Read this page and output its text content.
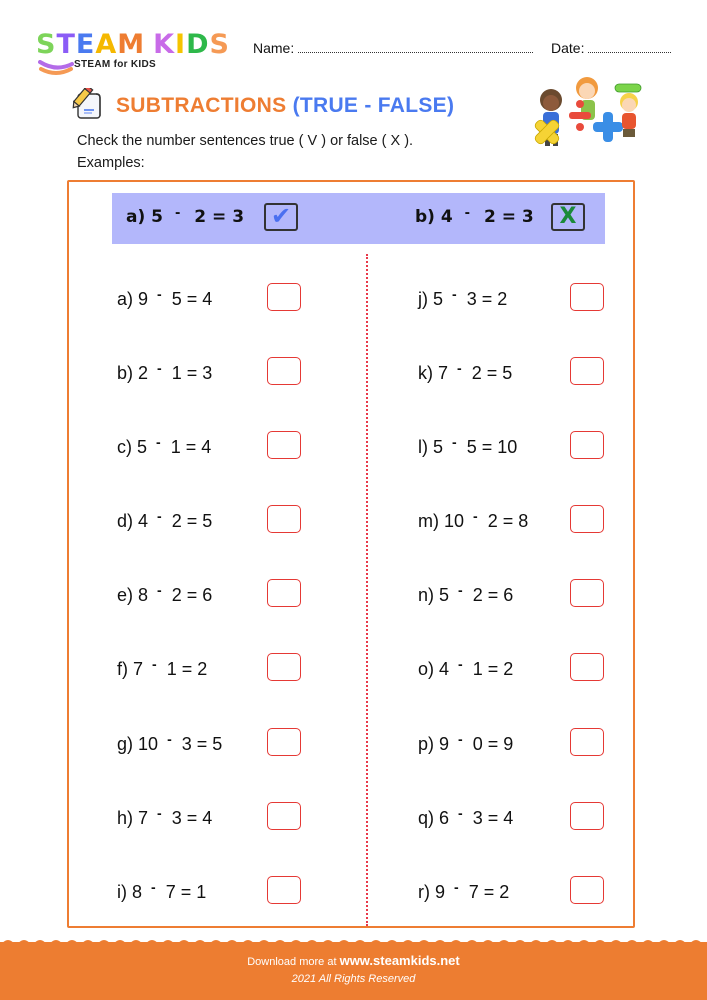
STEAM KIDS
STEAM for KIDS
Name:	Date:
SUBTRACTIONS (TRUE - FALSE)
Check the number sentences true ( V ) or false ( X ).
Examples:
a) 5 - 2 = 3 ✔	b) 4 - 2 = 3 X
a) 9 - 5 = 4
b) 2 - 1 = 3
c) 5 - 1 = 4
d) 4 - 2 = 5
e) 8 - 2 = 6
f) 7 - 1 = 2
g) 10 - 3 = 5
h) 7 - 3 = 4
i) 8 - 7 = 1
j) 5 - 3 = 2
k) 7 - 2 = 5
l) 5 - 5 = 10
m) 10 - 2 = 8
n) 5 - 2 = 6
o) 4 - 1 = 2
p) 9 - 0 = 9
q) 6 - 3 = 4
r) 9 - 7 = 2
Download more at www.steamkids.net
2021 All Rights Reserved
